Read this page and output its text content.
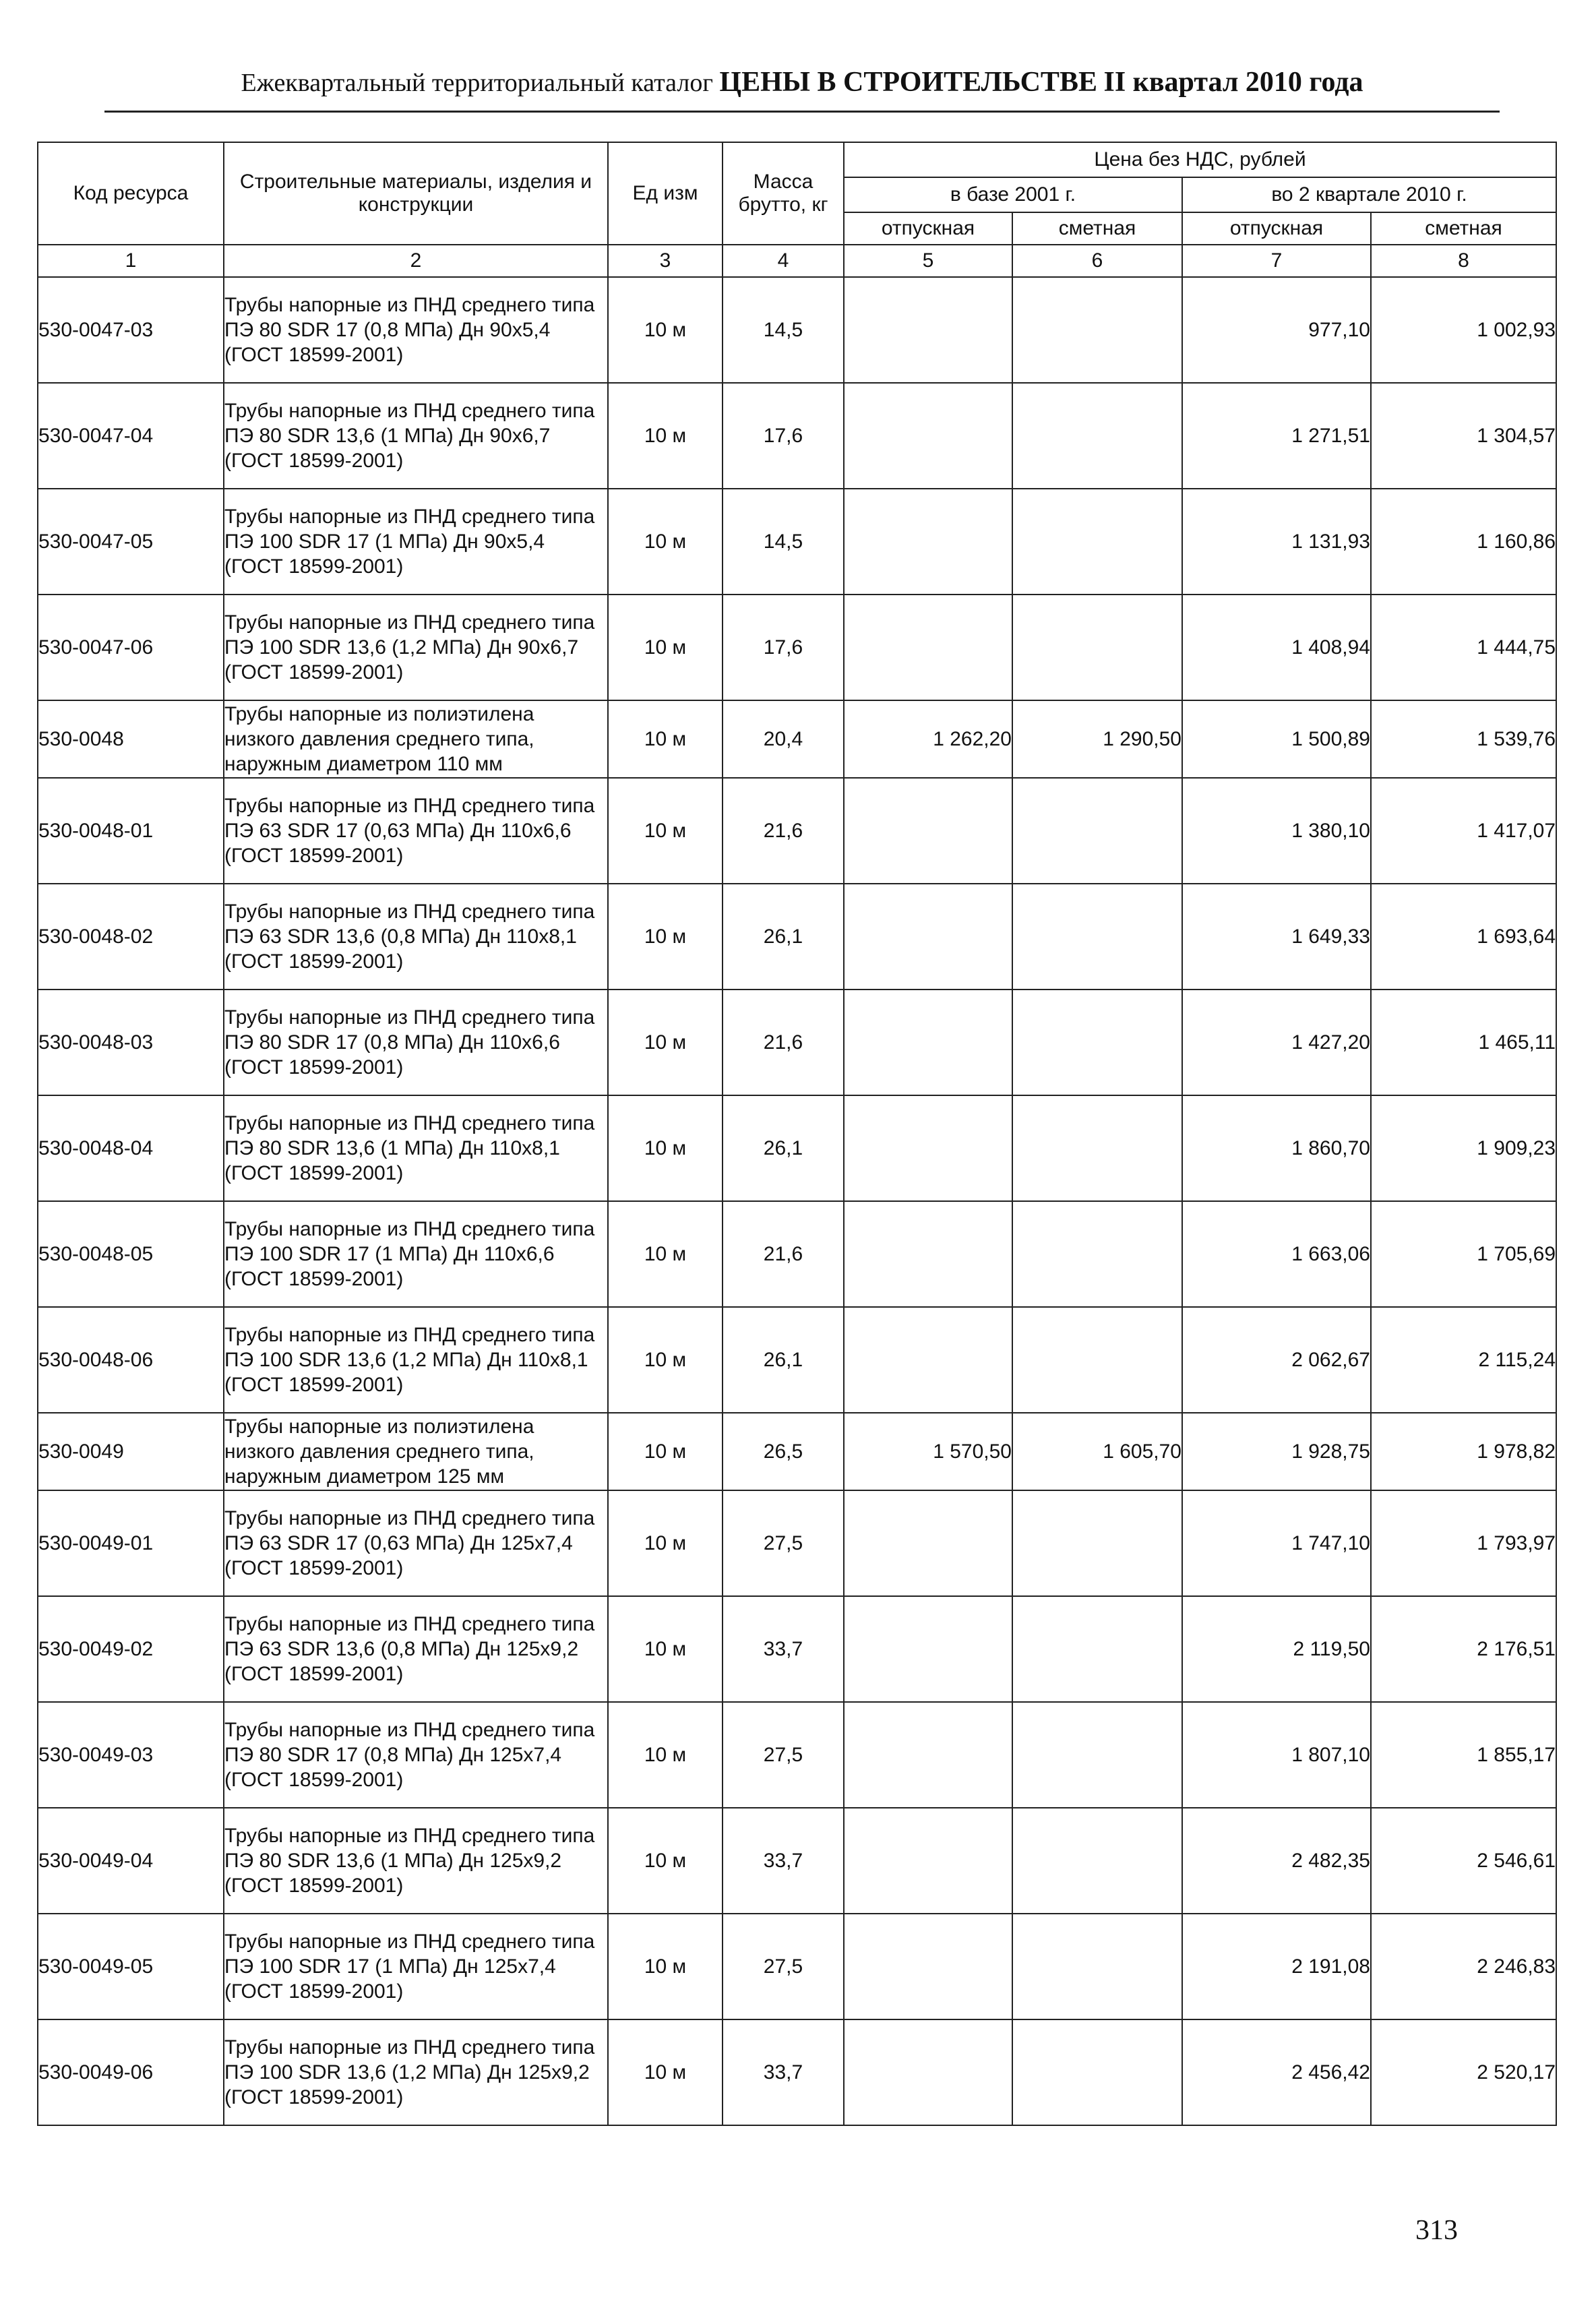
Ежеквартальный территориальный каталог ЦЕНЫ В СТРОИТЕЛЬСТВЕ II квартал 2010 года
Код ресурса	Строительные материалы, изделия и конструкции	Ед изм	Масса брутто, кг	Цена без НДС, рублей			
				в базе 2001 г.		во 2 квартале 2010 г.	
				отпускная	сметная	отпускная	сметная
1	2	3	4	5	6	7	8
530-0047-03	Трубы напорные из ПНД среднего типа ПЭ 80 SDR 17 (0,8 МПа) Дн 90х5,4 (ГОСТ 18599-2001)	10 м	14,5			977,10	1 002,93
530-0047-04	Трубы напорные из ПНД среднего типа ПЭ 80 SDR 13,6 (1 МПа) Дн 90х6,7 (ГОСТ 18599-2001)	10 м	17,6			1 271,51	1 304,57
530-0047-05	Трубы напорные из ПНД среднего типа ПЭ 100 SDR 17 (1 МПа) Дн 90х5,4 (ГОСТ 18599-2001)	10 м	14,5			1 131,93	1 160,86
530-0047-06	Трубы напорные из ПНД среднего типа ПЭ 100 SDR 13,6 (1,2 МПа) Дн 90х6,7 (ГОСТ 18599-2001)	10 м	17,6			1 408,94	1 444,75
530-0048	Трубы напорные из полиэтилена низкого давления среднего типа, наружным диаметром 110 мм	10 м	20,4	1 262,20	1 290,50	1 500,89	1 539,76
530-0048-01	Трубы напорные из ПНД среднего типа ПЭ 63 SDR 17 (0,63 МПа) Дн 110х6,6 (ГОСТ 18599-2001)	10 м	21,6			1 380,10	1 417,07
530-0048-02	Трубы напорные из ПНД среднего типа ПЭ 63 SDR 13,6 (0,8 МПа) Дн 110х8,1 (ГОСТ 18599-2001)	10 м	26,1			1 649,33	1 693,64
530-0048-03	Трубы напорные из ПНД среднего типа ПЭ 80 SDR 17 (0,8 МПа) Дн 110х6,6 (ГОСТ 18599-2001)	10 м	21,6			1 427,20	1 465,11
530-0048-04	Трубы напорные из ПНД среднего типа ПЭ 80 SDR 13,6 (1 МПа) Дн 110х8,1 (ГОСТ 18599-2001)	10 м	26,1			1 860,70	1 909,23
530-0048-05	Трубы напорные из ПНД среднего типа ПЭ 100 SDR 17 (1 МПа) Дн 110х6,6 (ГОСТ 18599-2001)	10 м	21,6			1 663,06	1 705,69
530-0048-06	Трубы напорные из ПНД среднего типа ПЭ 100 SDR 13,6 (1,2 МПа) Дн 110х8,1 (ГОСТ 18599-2001)	10 м	26,1			2 062,67	2 115,24
530-0049	Трубы напорные из полиэтилена низкого давления среднего типа, наружным диаметром 125 мм	10 м	26,5	1 570,50	1 605,70	1 928,75	1 978,82
530-0049-01	Трубы напорные из ПНД среднего типа ПЭ 63 SDR 17 (0,63 МПа) Дн 125х7,4 (ГОСТ 18599-2001)	10 м	27,5			1 747,10	1 793,97
530-0049-02	Трубы напорные из ПНД среднего типа ПЭ 63 SDR 13,6 (0,8 МПа) Дн 125х9,2 (ГОСТ 18599-2001)	10 м	33,7			2 119,50	2 176,51
530-0049-03	Трубы напорные из ПНД среднего типа ПЭ 80 SDR 17 (0,8 МПа) Дн 125х7,4 (ГОСТ 18599-2001)	10 м	27,5			1 807,10	1 855,17
530-0049-04	Трубы напорные из ПНД среднего типа ПЭ 80 SDR 13,6 (1 МПа) Дн 125х9,2 (ГОСТ 18599-2001)	10 м	33,7			2 482,35	2 546,61
530-0049-05	Трубы напорные из ПНД среднего типа ПЭ 100 SDR 17 (1 МПа) Дн 125х7,4 (ГОСТ 18599-2001)	10 м	27,5			2 191,08	2 246,83
530-0049-06	Трубы напорные из ПНД среднего типа ПЭ 100 SDR 13,6 (1,2 МПа) Дн 125х9,2 (ГОСТ 18599-2001)	10 м	33,7			2 456,42	2 520,17
313
